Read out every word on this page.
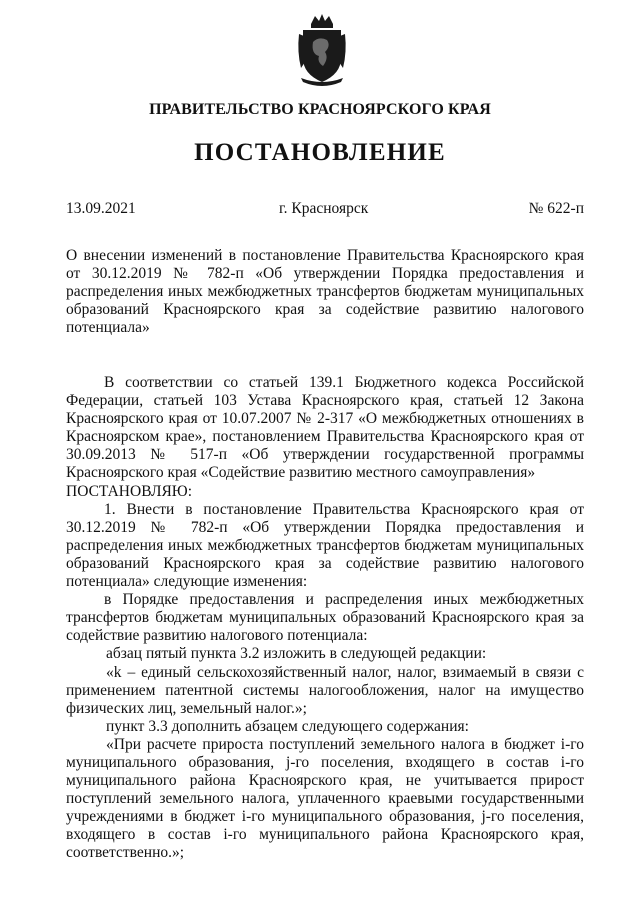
ПРАВИТЕЛЬСТВО КРАСНОЯРСКОГО КРАЯ
ПОСТАНОВЛЕНИЕ
13.09.2021	г. Красноярск	№ 622-п

О внесении изменений в постановление Правительства Красноярского края от 30.12.2019 № 782-п «Об утверждении Порядка предоставления и распределения иных межбюджетных трансфертов бюджетам муниципальных образований Красноярского края за содействие развитию налогового потенциала»

В соответствии со статьей 139.1 Бюджетного кодекса Российской Федерации, статьей 103 Устава Красноярского края, статьей 12 Закона Красноярского края от 10.07.2007 № 2-317 «О межбюджетных отношениях в Красноярском крае», постановлением Правительства Красноярского края от 30.09.2013 № 517-п «Об утверждении государственной программы Красноярского края «Содействие развитию местного самоуправления»

ПОСТАНОВЛЯЮ:

1. Внести в постановление Правительства Красноярского края от 30.12.2019 № 782-п «Об утверждении Порядка предоставления и распределения иных межбюджетных трансфертов бюджетам муниципальных образований Красноярского края за содействие развитию налогового потенциала» следующие изменения:

в Порядке предоставления и распределения иных межбюджетных трансфертов бюджетам муниципальных образований Красноярского края за содействие развитию налогового потенциала:

абзац пятый пункта 3.2 изложить в следующей редакции:

«k – единый сельскохозяйственный налог, налог, взимаемый в связи с применением патентной системы налогообложения, налог на имущество физических лиц, земельный налог.»;

пункт 3.3 дополнить абзацем следующего содержания:

«При расчете прироста поступлений земельного налога в бюджет i-го муниципального образования, j-го поселения, входящего в состав i-го муниципального района Красноярского края, не учитывается прирост поступлений земельного налога, уплаченного краевыми государственными учреждениями в бюджет i-го муниципального образования, j-го поселения, входящего в состав i-го муниципального района Красноярского края, соответственно.»;
